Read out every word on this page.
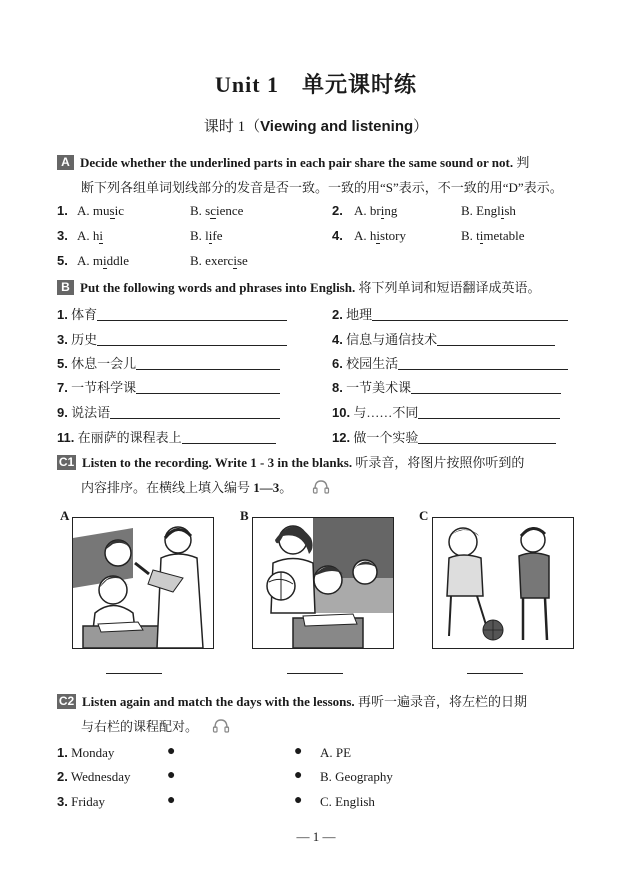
Unit 1　单元课时练
课时 1（Viewing and listening）
A Decide whether the underlined parts in each pair share the same sound or not. 判
断下列各组单词划线部分的发音是否一致。一致的用“S”表示，不一致的用“D”表示。
1. A. music	B. science	2. A. bring	B. English
3. A. hi	B. life	4. A. history	B. timetable
5. A. middle	B. exercise
B Put the following words and phrases into English. 将下列单词和短语翻译成英语。
1. 体育	2. 地理
3. 历史	4. 信息与通信技术
5. 休息一会儿	6. 校园生活
7. 一节科学课	8. 一节美术课
9. 说法语	10. 与……不同
11. 在丽萨的课程表上	12. 做一个实验
C1 Listen to the recording. Write 1 - 3 in the blanks. 听录音，将图片按照你听到的
内容排序。在横线上填入编号 1—3。
A	B	C
C2 Listen again and match the days with the lessons. 再听一遍录音，将左栏的日期
与右栏的课程配对。
1. Monday	●	● A. PE
2. Wednesday	●	● B. Geography
3. Friday	●	● C. English
— 1 —
